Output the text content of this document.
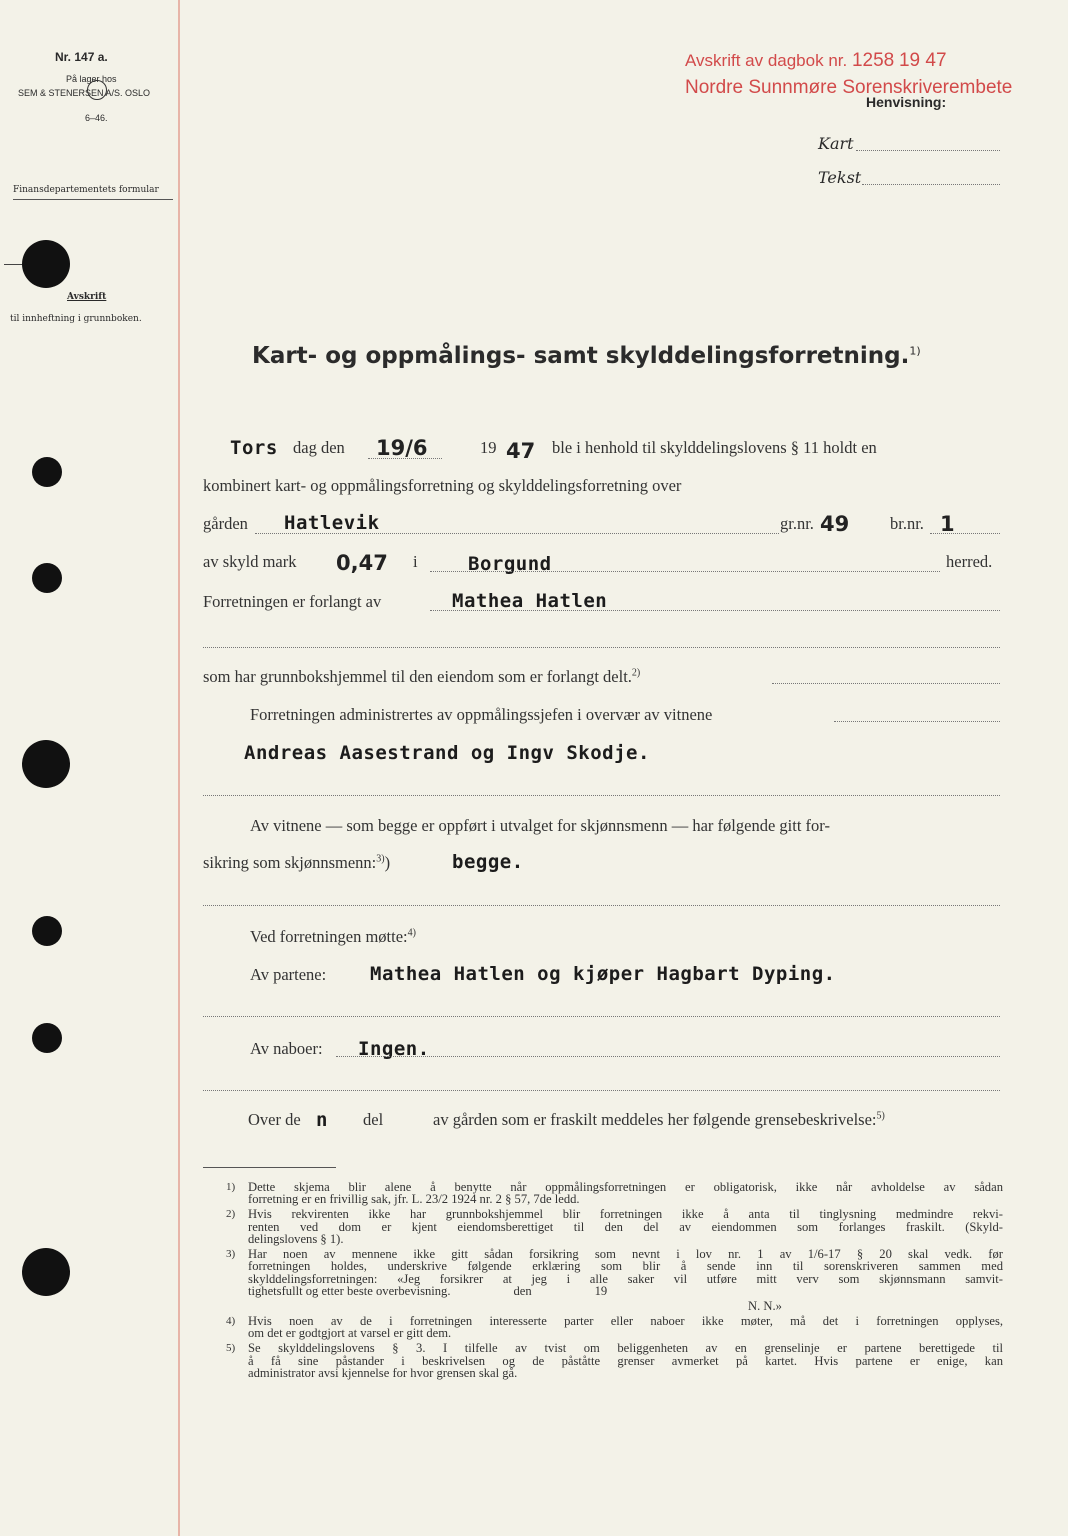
Nr. 147 a.
På lager hos
SEM & STENERSEN A/S. OSLO
6–46.
Finansdepartementets formular
Avskrift
til innheftning i grunnboken.
Avskrift av dagbok nr. 1258 19 47
Nordre Sunnmøre Sorenskriverembete
Henvisning:
Kart
Tekst
Kart- og oppmålings- samt skylddelingsforretning.$^{1)}$
Tors dag den 19/6	19 47 ble i henhold til skylddelingslovens § 11 holdt en
kombinert kart- og oppmålingsforretning og skylddelingsforretning over
gården Hatlevik	gr.nr. 49 br.nr. 1
av skyld mark 0,47 i	Borgund	herred.
Forretningen er forlangt av	Mathea Hatlen
som har grunnbokshjemmel til den eiendom som er forlangt delt.$^{2)}$
Forretningen administrertes av oppmålingssjefen i overvær av vitnene
Andreas Aasestrand og Ingv Skodje.
Av vitnene — som begge er oppført i utvalget for skjønnsmenn — har følgende gitt for-
sikring som skjønnsmenn:$^{3)}$)	begge.
Ved forretningen møtte:$^{4)}$
Av partene: Mathea Hatlen og kjøper Hagbart Dyping.
Av naboer: Ingen.
Over de n del	av gården som er fraskilt meddeles her følgende grensebeskrivelse:$^{5)}$
1) Dette skjema blir alene å benytte når oppmålingsforretningen er obligatorisk, ikke når avholdelse av sådan
forretning er en frivillig sak, jfr. L. 23/2 1924 nr. 2 § 57, 7de ledd.
2) Hvis rekvirenten ikke har grunnbokshjemmel blir forretningen ikke å anta til tinglysning medmindre rekvi-
renten ved dom er kjent eiendomsberettiget til den del av eiendommen som forlanges fraskilt. (Skyld-
delingslovens § 1).
3) Har noen av mennene ikke gitt sådan forsikring som nevnt i lov nr. 1 av 1/6-17 § 20 skal vedk. før
forretningen holdes, underskrive følgende erklæring som blir å sende inn til sorenskriveren sammen med
skylddelingsforretningen: «Jeg forsikrer at jeg i alle saker vil utføre mitt verv som skjønnsmann samvit-
tighetsfullt og etter beste overbevisning.                    den                    19
N. N.»
4) Hvis noen av de i forretningen interesserte parter eller naboer ikke møter, må det i forretningen opplyses,
om det er godtgjort at varsel er gitt dem.
5) Se skylddelingslovens § 3. I tilfelle av tvist om beliggenheten av en grenselinje er partene berettigede til
å få sine påstander i beskrivelsen og de påståtte grenser avmerket på kartet. Hvis partene er enige, kan
administrator avsi kjennelse for hvor grensen skal gå.
